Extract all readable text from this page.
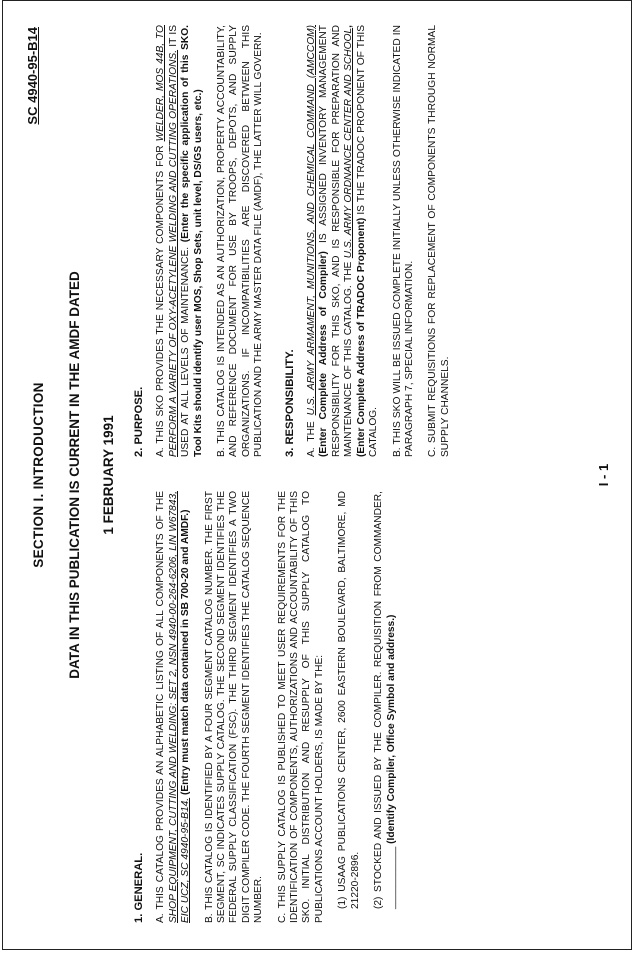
SC 4940-95-B14
SECTION I. INTRODUCTION DATA IN THIS PUBLICATION IS CURRENT IN THE AMDF DATED 1 FEBRUARY 1991
1. GENERAL. A. THIS CATALOG PROVIDES AN ALPHABETIC LISTING OF ALL COMPONENTS OF THE SHOP EQUIPMENT, CUTTING AND WELDING: SET 2, NSN 4940-00-264-6206, LIN W67843, EIC UCZ, SC 4940-95-B14. (Entry must match data contained in SB 700-20 and AMDF.) B. THIS CATALOG IS IDENTIFIED BY A FOUR SEGMENT CATALOG NUMBER. THE FIRST SEGMENT, SC INDICATES SUPPLY CATALOG. THE SECOND SEGMENT IDENTIFIES THE FEDERAL SUPPLY CLASSIFICATION (FSC). THE THIRD SEGMENT IDENTIFIES A TWO DIGIT COMPILER CODE. THE FOURTH SEGMENT IDENTIFIES THE CATALOG SEQUENCE NUMBER. C. THIS SUPPLY CATALOG IS PUBLISHED TO MEET USER REQUIREMENTS FOR THE IDENTIFICATION OF COMPONENTS, AUTHORIZATIONS AND ACCOUNTABILITY OF THIS SKO. INITIAL DISTRIBUTION AND RESUPPLY OF THIS SUPPLY CATALOG TO PUBLICATIONS ACCOUNT HOLDERS, IS MADE BY THE: (1) USAAG PUBLICATIONS CENTER, 2600 EASTERN BOULEVARD, BALTIMORE, MD 21220-2896. (2) STOCKED AND ISSUED BY THE COMPILER. REQUISITION FROM COMMANDER, ___________ (Identify Compiler, Office Symbol and address.)

2. PURPOSE. A. THIS SKO PROVIDES THE NECESSARY COMPONENTS FOR WELDER, MOS 44B, TO PERFORM A VARIETY OF OXY-ACETYLENE WELDING AND CUTTING OPERATIONS. IT IS USED AT ALL LEVELS OF MAINTENANCE. (Enter the specific application of this SKO. Tool Kits should identify user MOS, Shop Sets, unit level, DS/GS users, etc.) B. THIS CATALOG IS INTENDED AS AN AUTHORIZATION, PROPERTY ACCOUNTABILITY, AND REFERENCE DOCUMENT FOR USE BY TROOPS, DEPOTS, AND SUPPLY ORGANIZATIONS. IF INCOMPATIBILITIES ARE DISCOVERED BETWEEN THIS PUBLICATION AND THE ARMY MASTER DATA FILE (AMDF), THE LATTER WILL GOVERN. 3. RESPONSIBILITY. A. THE U.S. ARMY ARMAMENT, MUNITIONS, AND CHEMICAL COMMAND (AMCCOM) (Enter Complete Address of Compiler) IS ASSIGNED INVENTORY MANAGEMENT RESPONSIBILITY FOR THIS SKO, AND IS RESPONSIBLE FOR PREPARATION AND MAINTENANCE OF THIS CATALOG. THE U.S. ARMY ORDNANCE CENTER AND SCHOOL, (Enter Complete Address of TRADOC Proponent) IS THE TRADOC PROPONENT OF THIS CATALOG. B. THIS SKO WILL BE ISSUED COMPLETE INITIALLY UNLESS OTHERWISE INDICATED IN PARAGRAPH 7, SPECIAL INFORMATION. C. SUBMIT REQUISITIONS FOR REPLACEMENT OF COMPONENTS THROUGH NORMAL SUPPLY CHANNELS.

I - 1
